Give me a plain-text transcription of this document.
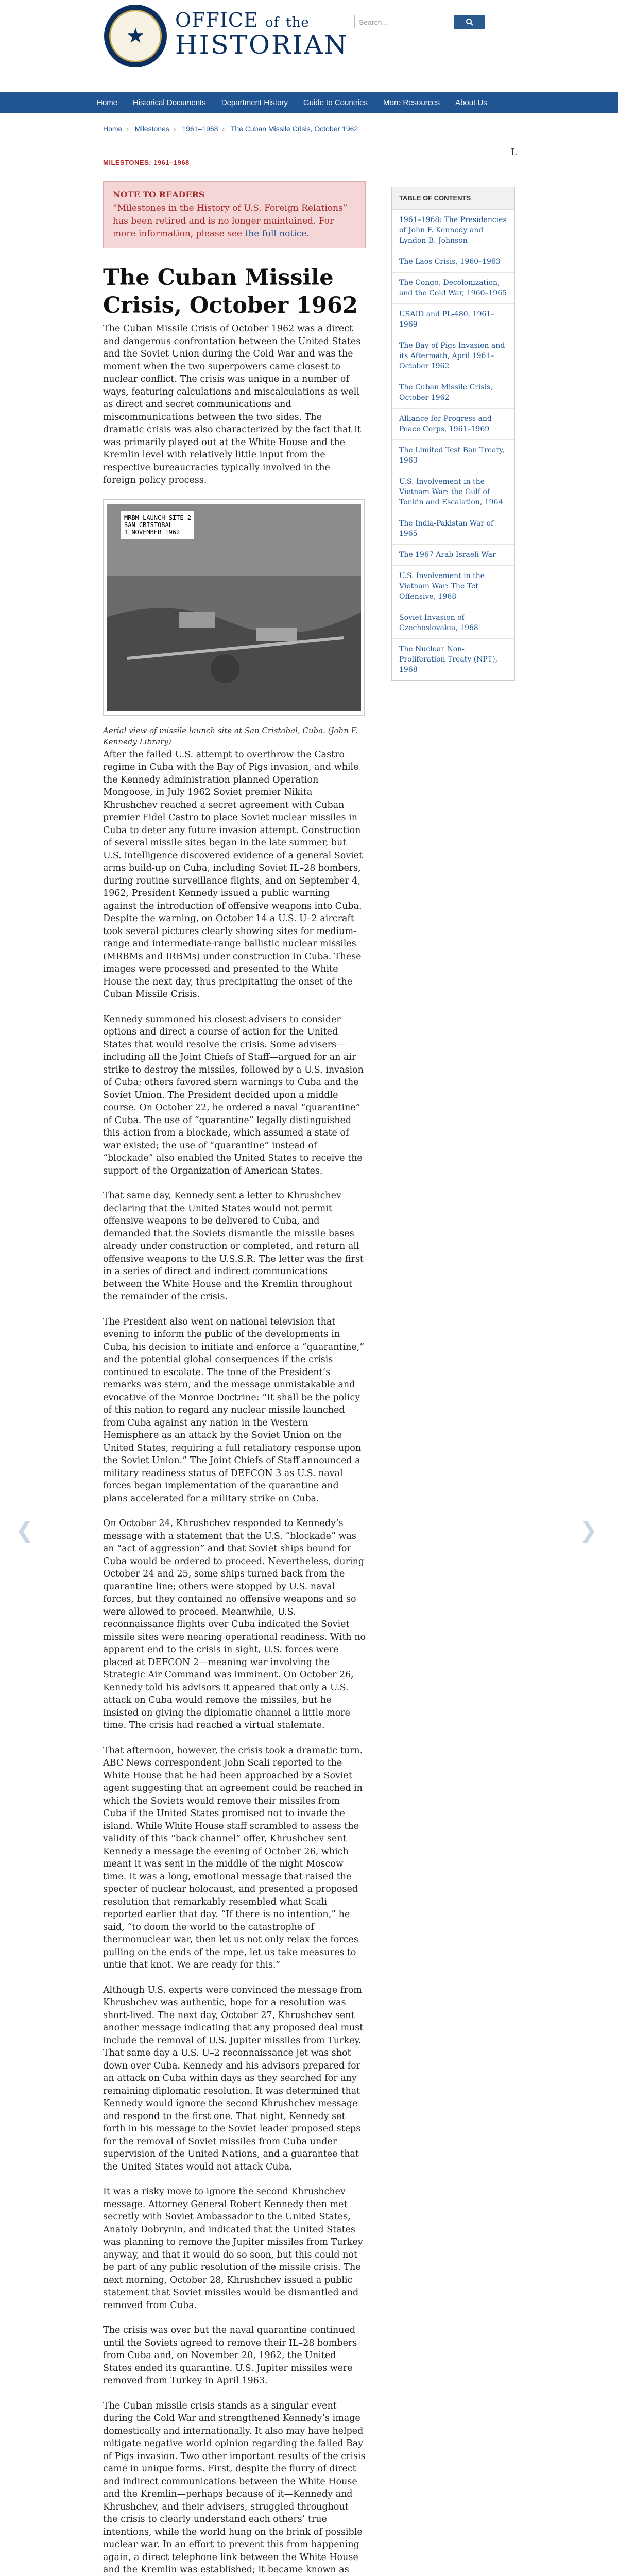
★
OFFICE of the
HISTORIAN
Search...
Home Historical Documents Department History Guide to Countries More Resources About Us
Home › Milestones › 1961–1968 › The Cuban Missile Crisis, October 1962
L
MILESTONES: 1961–1968
NOTE TO READERS
“Milestones in the History of U.S. Foreign Relations” has been retired and is no longer maintained. For more information, please see the full notice.
The Cuban Missile Crisis, October 1962

The Cuban Missile Crisis of October 1962 was a direct and dangerous confrontation between the United States and the Soviet Union during the Cold War and was the moment when the two superpowers came closest to nuclear conflict. The crisis was unique in a number of ways, featuring calculations and miscalculations as well as direct and secret communications and miscommunications between the two sides. The dramatic crisis was also characterized by the fact that it was primarily played out at the White House and the Kremlin level with relatively little input from the respective bureaucracies typically involved in the foreign policy process.

MRBM LAUNCH SITE 2
SAN CRISTOBAL
1 NOVEMBER 1962

Aerial view of missile launch site at San Cristobal, Cuba. (John F. Kennedy Library)

After the failed U.S. attempt to overthrow the Castro regime in Cuba with the Bay of Pigs invasion, and while the Kennedy administration planned Operation Mongoose, in July 1962 Soviet premier Nikita Khrushchev reached a secret agreement with Cuban premier Fidel Castro to place Soviet nuclear missiles in Cuba to deter any future invasion attempt. Construction of several missile sites began in the late summer, but U.S. intelligence discovered evidence of a general Soviet arms build-up on Cuba, including Soviet IL–28 bombers, during routine surveillance flights, and on September 4, 1962, President Kennedy issued a public warning against the introduction of offensive weapons into Cuba. Despite the warning, on October 14 a U.S. U–2 aircraft took several pictures clearly showing sites for medium-range and intermediate-range ballistic nuclear missiles (MRBMs and IRBMs) under construction in Cuba. These images were processed and presented to the White House the next day, thus precipitating the onset of the Cuban Missile Crisis.

Kennedy summoned his closest advisers to consider options and direct a course of action for the United States that would resolve the crisis. Some advisers—including all the Joint Chiefs of Staff—argued for an air strike to destroy the missiles, followed by a U.S. invasion of Cuba; others favored stern warnings to Cuba and the Soviet Union. The President decided upon a middle course. On October 22, he ordered a naval “quarantine” of Cuba. The use of “quarantine” legally distinguished this action from a blockade, which assumed a state of war existed; the use of “quarantine” instead of “blockade” also enabled the United States to receive the support of the Organization of American States.

That same day, Kennedy sent a letter to Khrushchev declaring that the United States would not permit offensive weapons to be delivered to Cuba, and demanded that the Soviets dismantle the missile bases already under construction or completed, and return all offensive weapons to the U.S.S.R. The letter was the first in a series of direct and indirect communications between the White House and the Kremlin throughout the remainder of the crisis.

The President also went on national television that evening to inform the public of the developments in Cuba, his decision to initiate and enforce a “quarantine,” and the potential global consequences if the crisis continued to escalate. The tone of the President’s remarks was stern, and the message unmistakable and evocative of the Monroe Doctrine: “It shall be the policy of this nation to regard any nuclear missile launched from Cuba against any nation in the Western Hemisphere as an attack by the Soviet Union on the United States, requiring a full retaliatory response upon the Soviet Union.” The Joint Chiefs of Staff announced a military readiness status of DEFCON 3 as U.S. naval forces began implementation of the quarantine and plans accelerated for a military strike on Cuba.

On October 24, Khrushchev responded to Kennedy’s message with a statement that the U.S. “blockade” was an “act of aggression” and that Soviet ships bound for Cuba would be ordered to proceed. Nevertheless, during October 24 and 25, some ships turned back from the quarantine line; others were stopped by U.S. naval forces, but they contained no offensive weapons and so were allowed to proceed. Meanwhile, U.S. reconnaissance flights over Cuba indicated the Soviet missile sites were nearing operational readiness. With no apparent end to the crisis in sight, U.S. forces were placed at DEFCON 2—meaning war involving the Strategic Air Command was imminent. On October 26, Kennedy told his advisors it appeared that only a U.S. attack on Cuba would remove the missiles, but he insisted on giving the diplomatic channel a little more time. The crisis had reached a virtual stalemate.

That afternoon, however, the crisis took a dramatic turn. ABC News correspondent John Scali reported to the White House that he had been approached by a Soviet agent suggesting that an agreement could be reached in which the Soviets would remove their missiles from Cuba if the United States promised not to invade the island. While White House staff scrambled to assess the validity of this “back channel” offer, Khrushchev sent Kennedy a message the evening of October 26, which meant it was sent in the middle of the night Moscow time. It was a long, emotional message that raised the specter of nuclear holocaust, and presented a proposed resolution that remarkably resembled what Scali reported earlier that day. “If there is no intention,” he said, “to doom the world to the catastrophe of thermonuclear war, then let us not only relax the forces pulling on the ends of the rope, let us take measures to untie that knot. We are ready for this.”

Although U.S. experts were convinced the message from Khrushchev was authentic, hope for a resolution was short-lived. The next day, October 27, Khrushchev sent another message indicating that any proposed deal must include the removal of U.S. Jupiter missiles from Turkey. That same day a U.S. U–2 reconnaissance jet was shot down over Cuba. Kennedy and his advisors prepared for an attack on Cuba within days as they searched for any remaining diplomatic resolution. It was determined that Kennedy would ignore the second Khrushchev message and respond to the first one. That night, Kennedy set forth in his message to the Soviet leader proposed steps for the removal of Soviet missiles from Cuba under supervision of the United Nations, and a guarantee that the United States would not attack Cuba.

It was a risky move to ignore the second Khrushchev message. Attorney General Robert Kennedy then met secretly with Soviet Ambassador to the United States, Anatoly Dobrynin, and indicated that the United States was planning to remove the Jupiter missiles from Turkey anyway, and that it would do so soon, but this could not be part of any public resolution of the missile crisis. The next morning, October 28, Khrushchev issued a public statement that Soviet missiles would be dismantled and removed from Cuba.

The crisis was over but the naval quarantine continued until the Soviets agreed to remove their IL–28 bombers from Cuba and, on November 20, 1962, the United States ended its quarantine. U.S. Jupiter missiles were removed from Turkey in April 1963.

The Cuban missile crisis stands as a singular event during the Cold War and strengthened Kennedy’s image domestically and internationally. It also may have helped mitigate negative world opinion regarding the failed Bay of Pigs invasion. Two other important results of the crisis came in unique forms. First, despite the flurry of direct and indirect communications between the White House and the Kremlin—perhaps because of it—Kennedy and Khrushchev, and their advisers, struggled throughout the crisis to clearly understand each others’ true intentions, while the world hung on the brink of possible nuclear war. In an effort to prevent this from happening again, a direct telephone link between the White House and the Kremlin was established; it became known as

TABLE OF CONTENTS
1961–1968: The Presidencies of John F. Kennedy and Lyndon B. Johnson
The Laos Crisis, 1960–1963
The Congo, Decolonization, and the Cold War, 1960–1965
USAID and PL-480, 1961–1969
The Bay of Pigs Invasion and its Aftermath, April 1961–October 1962
The Cuban Missile Crisis, October 1962
Alliance for Progress and Peace Corps, 1961–1969
The Limited Test Ban Treaty, 1963
U.S. Involvement in the Vietnam War: the Gulf of Tonkin and Escalation, 1964
The India-Pakistan War of 1965
The 1967 Arab-Israeli War
U.S. Involvement in the Vietnam War: The Tet Offensive, 1968
Soviet Invasion of Czechoslovakia, 1968
The Nuclear Non-Proliferation Treaty (NPT), 1968
❮	❯
